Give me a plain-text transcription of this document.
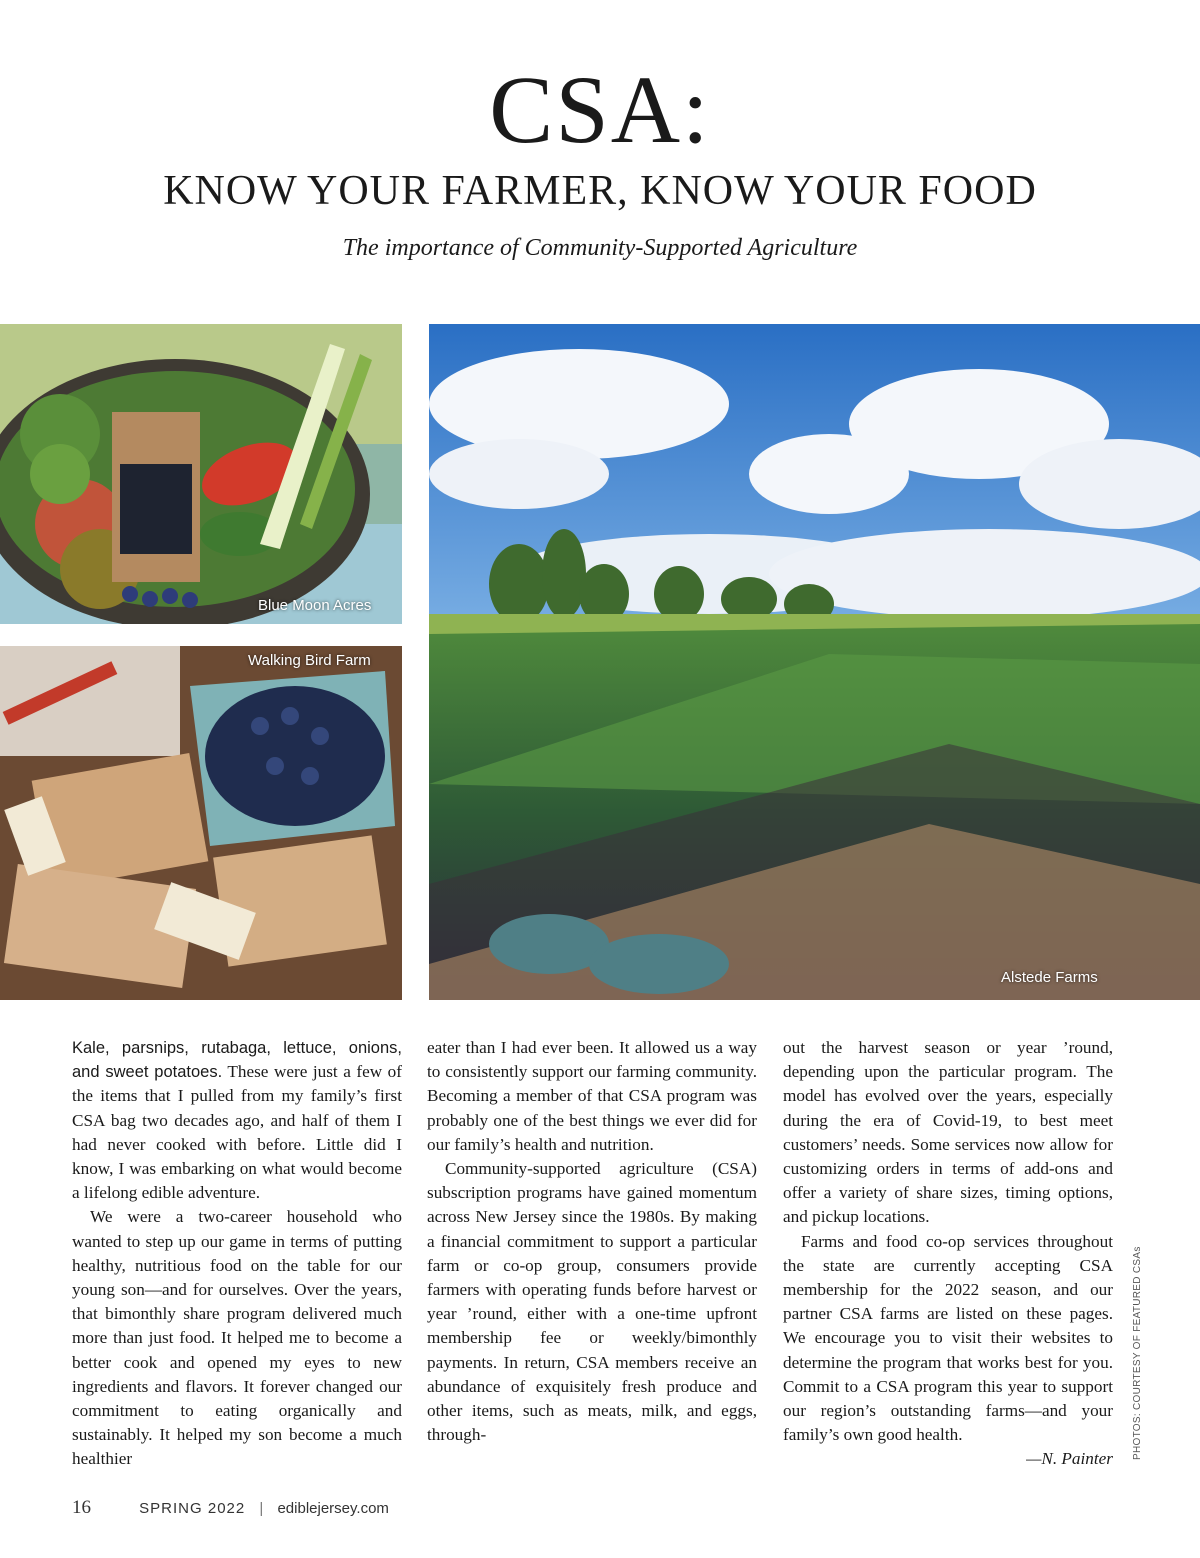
CSA:
KNOW YOUR FARMER, KNOW YOUR FOOD
The importance of Community-Supported Agriculture
Blue Moon Acres
Walking Bird Farm
Alstede Farms

Kale, parsnips, rutabaga, lettuce, onions, and sweet potatoes. These were just a few of the items that I pulled from my family’s first CSA bag two decades ago, and half of them I had never cooked with before. Little did I know, I was embarking on what would become a lifelong edible adventure.

We were a two-career household who wanted to step up our game in terms of putting healthy, nutritious food on the table for our young son—and for ourselves. Over the years, that bimonthly share program delivered much more than just food. It helped me to become a better cook and opened my eyes to new ingredients and flavors. It forever changed our commitment to eating organically and sustainably. It helped my son become a much healthier

eater than I had ever been. It allowed us a way to consistently support our farming community. Becoming a member of that CSA program was probably one of the best things we ever did for our family’s health and nutrition.

Community-supported agriculture (CSA) subscription programs have gained momentum across New Jersey since the 1980s. By making a financial commitment to support a particular farm or co-op group, consumers provide farmers with operating funds before harvest or year ’round, either with a one-time upfront membership fee or weekly/bimonthly payments. In return, CSA members receive an abundance of exquisitely fresh produce and other items, such as meats, milk, and eggs, through-

out the harvest season or year ’round, depending upon the particular program. The model has evolved over the years, especially during the era of Covid-19, to best meet customers’ needs. Some services now allow for customizing orders in terms of add-ons and offer a variety of share sizes, timing options, and pickup locations.

Farms and food co-op services throughout the state are currently accepting CSA membership for the 2022 season, and our partner CSA farms are listed on these pages. We encourage you to visit their websites to determine the program that works best for you. Commit to a CSA program this year to support our region’s outstanding farms—and your family’s own good health.

—N. Painter PHOTOS: COURTESY OF FEATURED CSAs
16	SPRING 2022 | ediblejersey.com
